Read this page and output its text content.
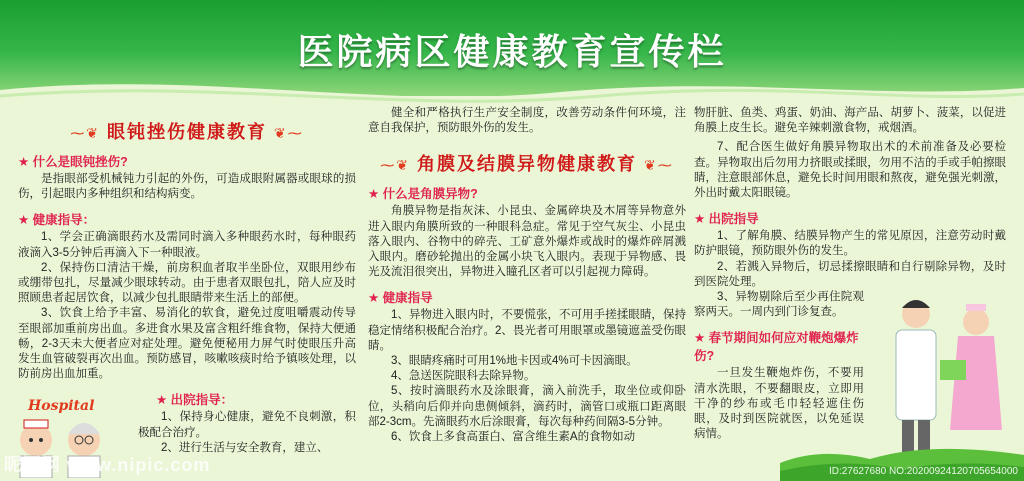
医院病区健康教育宣传栏
⁓❦ 眼钝挫伤健康教育 ❦⁓
★ 什么是眼钝挫伤?

是指眼部受机械钝力引起的外伤，可造成眼附属器或眼球的损伤，引起眼内多种组织和结构病变。

★ 健康指导：

1、学会正确滴眼药水及需同时滴入多种眼药水时，每种眼药液滴入3-5分钟后再滴入下一种眼液。

2、保持伤口清洁干燥，前房积血者取半坐卧位，双眼用纱布或绷带包扎，尽量减少眼球转动。由于患者双眼包扎，陪人应及时照顾患者起居饮食，以减少包扎眼睛带来生活上的部便。

3、饮食上给予丰富、易消化的软食，避免过度咀嚼震动传导至眼部加重前房出血。多进食水果及富含粗纤维食物，保持大便通畅，2-3天未大便者应对症处理。避免便秘用力屏气时使眼压升高发生血管破裂再次出血。预防感冒，咳嗽咳痰时给予镇咳处理，以防前房出血加重。

★ 出院指导：

1、保持身心健康，避免不良刺激，积极配合治疗。

2、进行生活与安全教育，建立、

Hospital

健全和严格执行生产安全制度，改善劳动条件何环境，注意自我保护，预防眼外伤的发生。

⁓❦ 角膜及结膜异物健康教育 ❦⁓
★ 什么是角膜异物?

角膜异物是指灰沫、小昆虫、金属碎块及木屑等异物意外进入眼内角膜所致的一种眼科急症。常见于空气灰尘、小昆虫落入眼内、谷物中的碎壳、工矿意外爆炸或战时的爆炸碎屑溅入眼内。磨砂轮抛出的金属小块飞入眼内。表现于异物感、畏光及流泪很突出，异物进入瞳孔区者可以引起视力障碍。

★ 健康指导

1、异物进入眼内时，不要慌张，不可用手搓揉眼睛，保持稳定情绪积极配合治疗。2、畏光者可用眼罩或墨镜遮盖受伤眼睛。

3、眼睛疼痛时可用1%地卡因或4%可卡因滴眼。

4、急送医院眼科去除异物。

5、按时滴眼药水及涂眼膏，滴入前洗手，取坐位或仰卧位，头稍向后仰并向患侧倾斜，滴药时，滴管口或瓶口距离眼部2-3cm。先滴眼药水后涂眼膏，每次每种药间隔3-5分钟。

6、饮食上多食高蛋白、富含维生素A的食物如动

物肝脏、鱼类、鸡蛋、奶油、海产品、胡萝卜、菠菜，以促进角膜上皮生长。避免辛辣刺激食物，戒烟酒。

7、配合医生做好角膜异物取出术的术前准备及必要检查。异物取出后勿用力挤眼或揉眼，勿用不洁的手或手帕擦眼睛，注意眼部休息，避免长时间用眼和熬夜，避免强光刺激，外出时戴太阳眼镜。

★ 出院指导

1、了解角膜、结膜异物产生的常见原因，注意劳动时戴防护眼镜，预防眼外伤的发生。

2、若溅入异物后，切忌揉擦眼睛和自行剔除异物，及时到医院处理。

3、异物剔除后至少再住院观察两天。一周内到门诊复查。

★ 春节期间如何应对鞭炮爆炸伤?

一旦发生鞭炮炸伤，不要用清水洗眼，不要翻眼皮，立即用干净的纱布或毛巾轻轻遮住伤眼，及时到医院就医，以免延误病情。

昵图网 www.nipic.com	ID:27627680 NO:20200924120705654000
